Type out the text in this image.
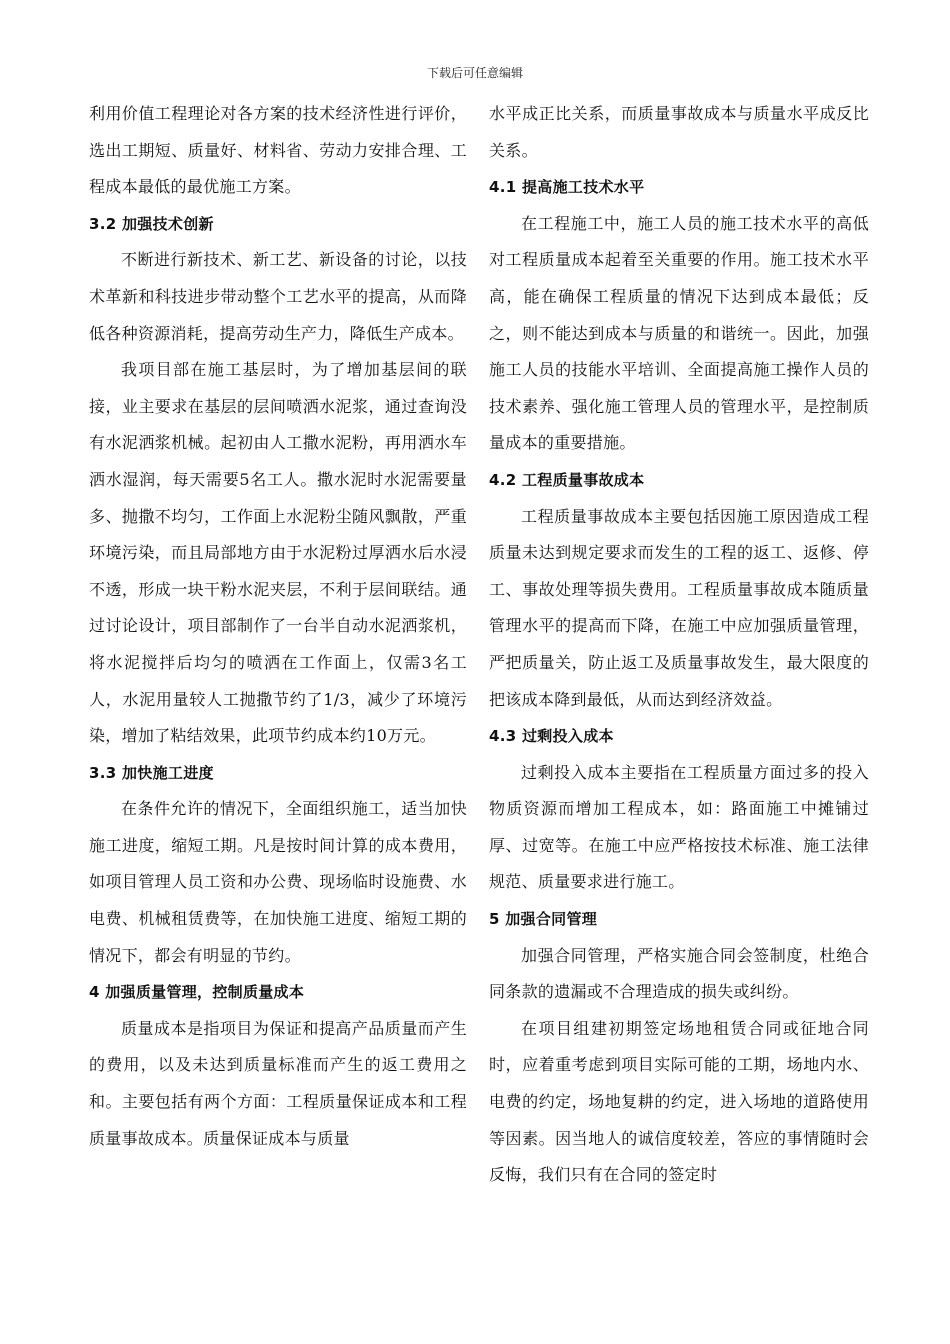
下载后可任意编辑

利用价值工程理论对各方案的技术经济性进行评价，选出工期短、质量好、材料省、劳动力安排合理、工程成本最低的最优施工方案。

3.2 加强技术创新

不断进行新技术、新工艺、新设备的讨论，以技术革新和科技进步带动整个工艺水平的提高，从而降低各种资源消耗，提高劳动生产力，降低生产成本。

我项目部在施工基层时，为了增加基层间的联接，业主要求在基层的层间喷洒水泥浆，通过查询没有水泥洒浆机械。起初由人工撒水泥粉，再用洒水车洒水湿润，每天需要5名工人。撒水泥时水泥需要量多、抛撒不均匀，工作面上水泥粉尘随风飘散，严重环境污染，而且局部地方由于水泥粉过厚洒水后水浸不透，形成一块干粉水泥夹层，不利于层间联结。通过讨论设计，项目部制作了一台半自动水泥洒浆机，将水泥搅拌后均匀的喷洒在工作面上，仅需3名工人，水泥用量较人工抛撒节约了1/3，减少了环境污染，增加了粘结效果，此项节约成本约10万元。

3.3 加快施工进度

在条件允许的情况下，全面组织施工，适当加快施工进度，缩短工期。凡是按时间计算的成本费用，如项目管理人员工资和办公费、现场临时设施费、水电费、机械租赁费等，在加快施工进度、缩短工期的情况下，都会有明显的节约。

4 加强质量管理，控制质量成本

质量成本是指项目为保证和提高产品质量而产生的费用，以及未达到质量标准而产生的返工费用之和。主要包括有两个方面：工程质量保证成本和工程质量事故成本。质量保证成本与质量

水平成正比关系，而质量事故成本与质量水平成反比关系。

4.1 提高施工技术水平

在工程施工中，施工人员的施工技术水平的高低对工程质量成本起着至关重要的作用。施工技术水平高，能在确保工程质量的情况下达到成本最低；反之，则不能达到成本与质量的和谐统一。因此，加强施工人员的技能水平培训、全面提高施工操作人员的技术素养、强化施工管理人员的管理水平，是控制质量成本的重要措施。

4.2 工程质量事故成本

工程质量事故成本主要包括因施工原因造成工程质量未达到规定要求而发生的工程的返工、返修、停工、事故处理等损失费用。工程质量事故成本随质量管理水平的提高而下降，在施工中应加强质量管理，严把质量关，防止返工及质量事故发生，最大限度的把该成本降到最低，从而达到经济效益。

4.3 过剩投入成本

过剩投入成本主要指在工程质量方面过多的投入物质资源而增加工程成本，如：路面施工中摊铺过厚、过宽等。在施工中应严格按技术标准、施工法律规范、质量要求进行施工。

5 加强合同管理

加强合同管理，严格实施合同会签制度，杜绝合同条款的遗漏或不合理造成的损失或纠纷。

在项目组建初期签定场地租赁合同或征地合同时，应着重考虑到项目实际可能的工期，场地内水、电费的约定，场地复耕的约定，进入场地的道路使用等因素。因当地人的诚信度较差，答应的事情随时会反悔，我们只有在合同的签定时
